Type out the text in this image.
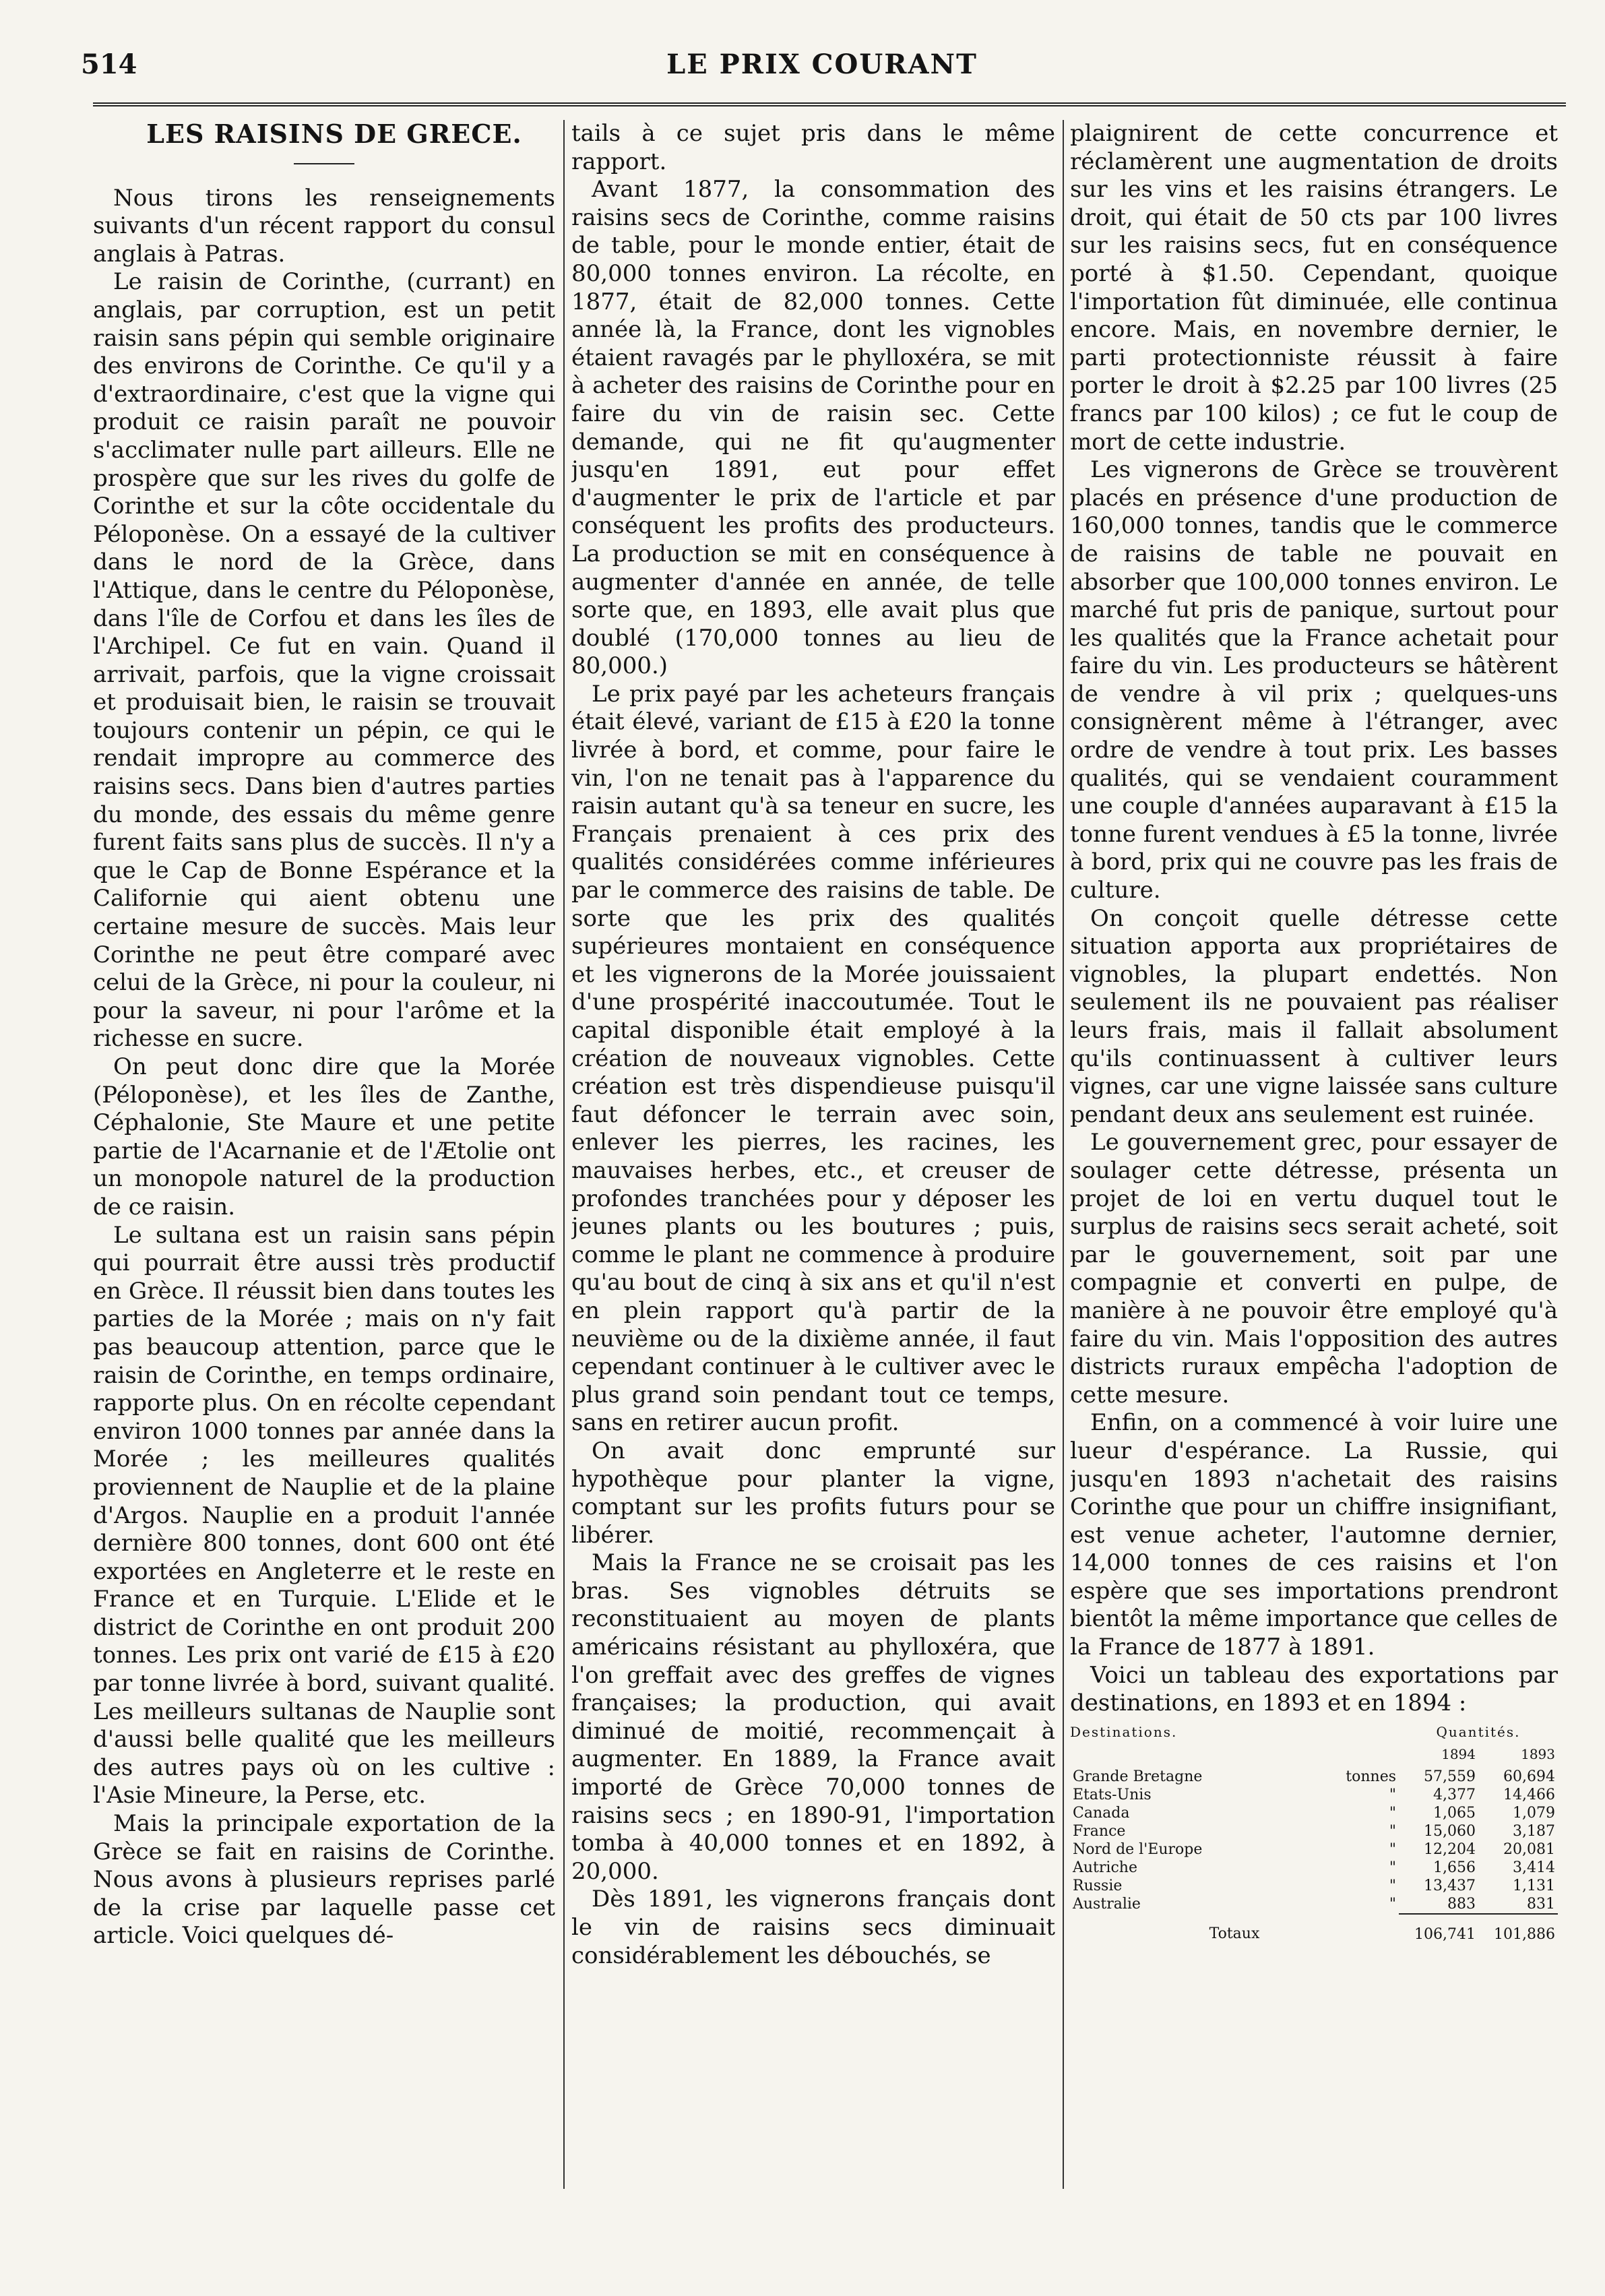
514	LE PRIX COURANT

LES RAISINS DE GRECE.

Nous tirons les renseignements suivants d'un récent rapport du consul anglais à Patras.

Le raisin de Corinthe, (currant) en anglais, par corruption, est un petit raisin sans pépin qui semble originaire des environs de Corinthe. Ce qu'il y a d'extraordinaire, c'est que la vigne qui produit ce raisin paraît ne pouvoir s'acclimater nulle part ailleurs. Elle ne prospère que sur les rives du golfe de Corinthe et sur la côte occidentale du Péloponèse. On a essayé de la cultiver dans le nord de la Grèce, dans l'Attique, dans le centre du Péloponèse, dans l'île de Corfou et dans les îles de l'Archipel. Ce fut en vain. Quand il arrivait, parfois, que la vigne croissait et produisait bien, le raisin se trouvait toujours contenir un pépin, ce qui le rendait impropre au commerce des raisins secs. Dans bien d'autres parties du monde, des essais du même genre furent faits sans plus de succès. Il n'y a que le Cap de Bonne Espérance et la Californie qui aient obtenu une certaine mesure de succès. Mais leur Corinthe ne peut être comparé avec celui de la Grèce, ni pour la couleur, ni pour la saveur, ni pour l'arôme et la richesse en sucre.

On peut donc dire que la Morée (Péloponèse), et les îles de Zanthe, Céphalonie, Ste Maure et une petite partie de l'Acarnanie et de l'Ætolie ont un monopole naturel de la production de ce raisin.

Le sultana est un raisin sans pépin qui pourrait être aussi très productif en Grèce. Il réussit bien dans toutes les parties de la Morée ; mais on n'y fait pas beaucoup attention, parce que le raisin de Corinthe, en temps ordinaire, rapporte plus. On en récolte cependant environ 1000 tonnes par année dans la Morée ; les meilleures qualités proviennent de Nauplie et de la plaine d'Argos. Nauplie en a produit l'année dernière 800 tonnes, dont 600 ont été exportées en Angleterre et le reste en France et en Turquie. L'Elide et le district de Corinthe en ont produit 200 tonnes. Les prix ont varié de £15 à £20 par tonne livrée à bord, suivant qualité. Les meilleurs sultanas de Nauplie sont d'aussi belle qualité que les meilleurs des autres pays où on les cultive : l'Asie Mineure, la Perse, etc.

Mais la principale exportation de la Grèce se fait en raisins de Corinthe. Nous avons à plusieurs reprises parlé de la crise par laquelle passe cet article. Voici quelques dé-

tails à ce sujet pris dans le même rapport.

Avant 1877, la consommation des raisins secs de Corinthe, comme raisins de table, pour le monde entier, était de 80,000 tonnes environ. La récolte, en 1877, était de 82,000 tonnes. Cette année là, la France, dont les vignobles étaient ravagés par le phylloxéra, se mit à acheter des raisins de Corinthe pour en faire du vin de raisin sec. Cette demande, qui ne fit qu'augmenter jusqu'en 1891, eut pour effet d'augmenter le prix de l'article et par conséquent les profits des producteurs. La production se mit en conséquence à augmenter d'année en année, de telle sorte que, en 1893, elle avait plus que doublé (170,000 tonnes au lieu de 80,000.)

Le prix payé par les acheteurs français était élevé, variant de £15 à £20 la tonne livrée à bord, et comme, pour faire le vin, l'on ne tenait pas à l'apparence du raisin autant qu'à sa teneur en sucre, les Français prenaient à ces prix des qualités considérées comme inférieures par le commerce des raisins de table. De sorte que les prix des qualités supérieures montaient en conséquence et les vignerons de la Morée jouissaient d'une prospérité inaccoutumée. Tout le capital disponible était employé à la création de nouveaux vignobles. Cette création est très dispendieuse puisqu'il faut défoncer le terrain avec soin, enlever les pierres, les racines, les mauvaises herbes, etc., et creuser de profondes tranchées pour y déposer les jeunes plants ou les boutures ; puis, comme le plant ne commence à produire qu'au bout de cinq à six ans et qu'il n'est en plein rapport qu'à partir de la neuvième ou de la dixième année, il faut cependant continuer à le cultiver avec le plus grand soin pendant tout ce temps, sans en retirer aucun profit.

On avait donc emprunté sur hypothèque pour planter la vigne, comptant sur les profits futurs pour se libérer.

Mais la France ne se croisait pas les bras. Ses vignobles détruits se reconstituaient au moyen de plants américains résistant au phylloxéra, que l'on greffait avec des greffes de vignes françaises; la production, qui avait diminué de moitié, recommençait à augmenter. En 1889, la France avait importé de Grèce 70,000 tonnes de raisins secs ; en 1890-91, l'importation tomba à 40,000 tonnes et en 1892, à 20,000.

Dès 1891, les vignerons français dont le vin de raisins secs diminuait considérablement les débouchés, se

plaignirent de cette concurrence et réclamèrent une augmentation de droits sur les vins et les raisins étrangers. Le droit, qui était de 50 cts par 100 livres sur les raisins secs, fut en conséquence porté à $1.50. Cependant, quoique l'importation fût diminuée, elle continua encore. Mais, en novembre dernier, le parti protectionniste réussit à faire porter le droit à $2.25 par 100 livres (25 francs par 100 kilos) ; ce fut le coup de mort de cette industrie.

Les vignerons de Grèce se trouvèrent placés en présence d'une production de 160,000 tonnes, tandis que le commerce de raisins de table ne pouvait en absorber que 100,000 tonnes environ. Le marché fut pris de panique, surtout pour les qualités que la France achetait pour faire du vin. Les producteurs se hâtèrent de vendre à vil prix ; quelques-uns consignèrent même à l'étranger, avec ordre de vendre à tout prix. Les basses qualités, qui se vendaient couramment une couple d'années auparavant à £15 la tonne furent vendues à £5 la tonne, livrée à bord, prix qui ne couvre pas les frais de culture.

On conçoit quelle détresse cette situation apporta aux propriétaires de vignobles, la plupart endettés. Non seulement ils ne pouvaient pas réaliser leurs frais, mais il fallait absolument qu'ils continuassent à cultiver leurs vignes, car une vigne laissée sans culture pendant deux ans seulement est ruinée.

Le gouvernement grec, pour essayer de soulager cette détresse, présenta un projet de loi en vertu duquel tout le surplus de raisins secs serait acheté, soit par le gouvernement, soit par une compagnie et converti en pulpe, de manière à ne pouvoir être employé qu'à faire du vin. Mais l'opposition des autres districts ruraux empêcha l'adoption de cette mesure.

Enfin, on a commencé à voir luire une lueur d'espérance. La Russie, qui jusqu'en 1893 n'achetait des raisins Corinthe que pour un chiffre insignifiant, est venue acheter, l'automne dernier, 14,000 tonnes de ces raisins et l'on espère que ses importations prendront bientôt la même importance que celles de la France de 1877 à 1891.

Voici un tableau des exportations par destinations, en 1893 et en 1894 :

Destinations.		Quantités.	
		1894	1893
Grande Bretagne	tonnes	57,559	60,694
Etats-Unis	"	4,377	14,466
Canada	"	1,065	1,079
France	"	15,060	3,187
Nord de l'Europe	"	12,204	20,081
Autriche	"	1,656	3,414
Russie	"	13,437	1,131
Australie	"	883	831
Totaux		106,741	101,886
